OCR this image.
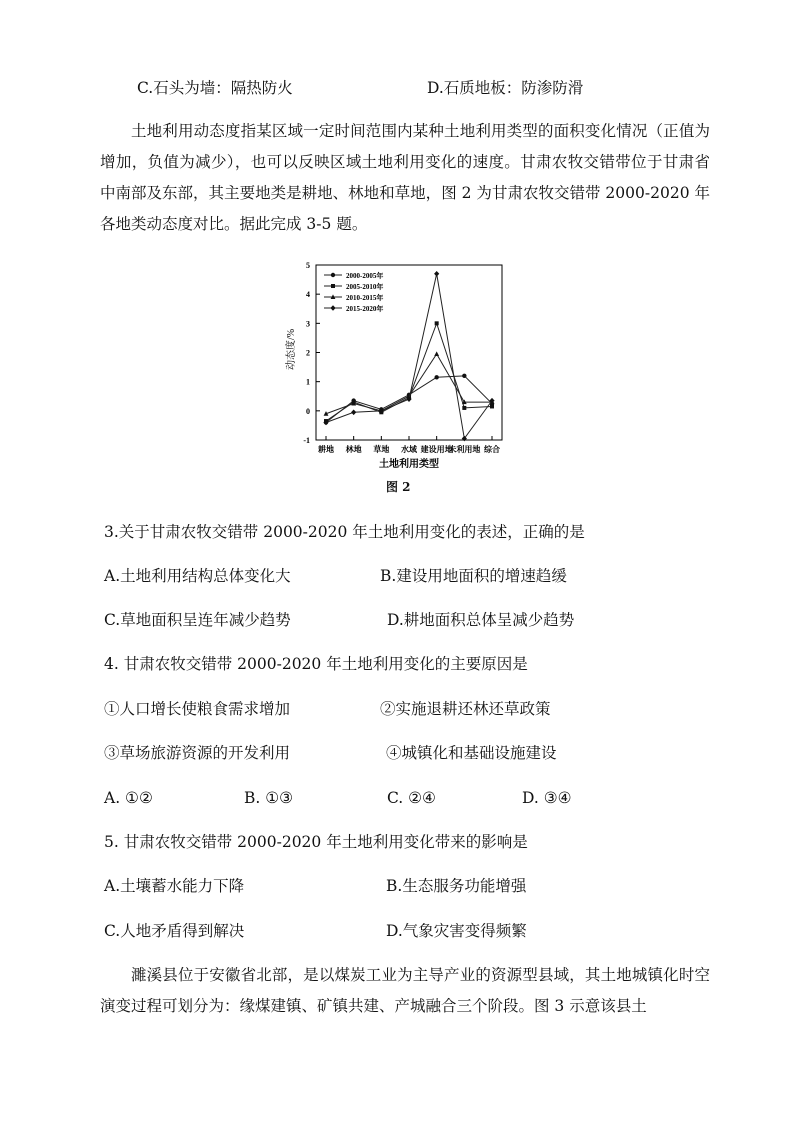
C.石头为墙：隔热防火	D.石质地板：防渗防滑
土地利用动态度指某区域一定时间范围内某种土地利用类型的面积变化情况（正值为增加，负值为减少），也可以反映区域土地利用变化的速度。甘肃农牧交错带位于甘肃省中南部及东部，其主要地类是耕地、林地和草地，图 2 为甘肃农牧交错带 2000-2020 年各地类动态度对比。据此完成 3-5 题。
动态度/%
土地利用类型
5
4
3
2
1
0
-1
耕地 林地 草地 水域 建设用地
未利用地 综合
2000-2005年
2005-2010年
2010-2015年
2015-2020年
图 2
3.关于甘肃农牧交错带 2000-2020 年土地利用变化的表述，正确的是
A.土地利用结构总体变化大	B.建设用地面积的增速趋缓
C.草地面积呈连年减少趋势	D.耕地面积总体呈减少趋势
4. 甘肃农牧交错带 2000-2020 年土地利用变化的主要原因是
①人口增长使粮食需求增加	②实施退耕还林还草政策
③草场旅游资源的开发利用	④城镇化和基础设施建设
A. ①②	B. ①③	C. ②④	D. ③④
5. 甘肃农牧交错带 2000-2020 年土地利用变化带来的影响是
A.土壤蓄水能力下降	B.生态服务功能增强
C.人地矛盾得到解决	D.气象灾害变得频繁
濉溪县位于安徽省北部，是以煤炭工业为主导产业的资源型县域，其土地城镇化时空演变过程可划分为：缘煤建镇、矿镇共建、产城融合三个阶段。图 3 示意该县土
